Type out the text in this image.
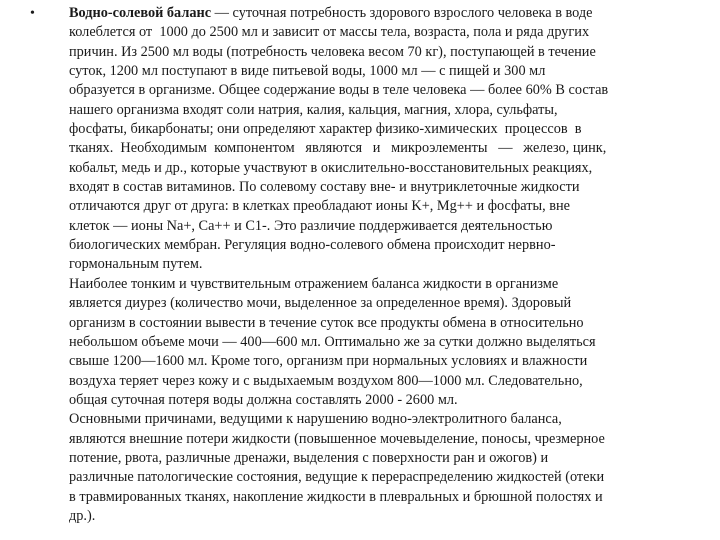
• Водно-солевой баланс — суточная потребность здорового взрослого человека в воде
колеблется от  1000 до 2500 мл и зависит от массы тела, возраста, пола и ряда других
причин. Из 2500 мл воды (потребность человека весом 70 кг), поступающей в течение
суток, 1200 мл поступают в виде питьевой воды, 1000 мл — с пищей и 300 мл
образуется в организме. Общее содержание воды в теле человека — более 60% В состав
нашего организма входят соли натрия, калия, кальция, магния, хлора, сульфаты,
фосфаты, бикарбонаты; они определяют характер физико-химических  процессов  в
тканях.  Необходимым  компонентом   являются   и   микроэлементы   —   железо, цинк,
кобальт, медь и др., которые участвуют в окислительно-восстановительных реакциях,
входят в состав витаминов. По солевому составу вне- и внутриклеточные жидкости
отличаются друг от друга: в клетках преобладают ионы K+, Mg++ и фосфаты, вне
клеток — ионы Na+, Ca++ и C1-. Это различие поддерживается деятельностью
биологических мембран. Регуляция водно-солевого обмена происходит нервно-
гормональным путем.
Наиболее тонким и чувствительным отражением баланса жидкости в организме
является диурез (количество мочи, выделенное за определенное время). Здоровый
организм в состоянии вывести в течение суток все продукты обмена в относительно
небольшом объеме мочи — 400—600 мл. Оптимально же за сутки должно выделяться
свыше 1200—1600 мл. Кроме того, организм при нормальных условиях и влажности
воздуха теряет через кожу и с выдыхаемым воздухом 800—1000 мл. Следовательно,
общая суточная потеря воды должна составлять 2000 - 2600 мл.
Основными причинами, ведущими к нарушению водно-электролитного баланса,
являются внешние потери жидкости (повышенное мочевыделение, поносы, чрезмерное
потение, рвота, различные дренажи, выделения с поверхности ран и ожогов) и
различные патологические состояния, ведущие к перераспределению жидкостей (отеки
в травмированных тканях, накопление жидкости в плевральных и брюшной полостях и
др.).
